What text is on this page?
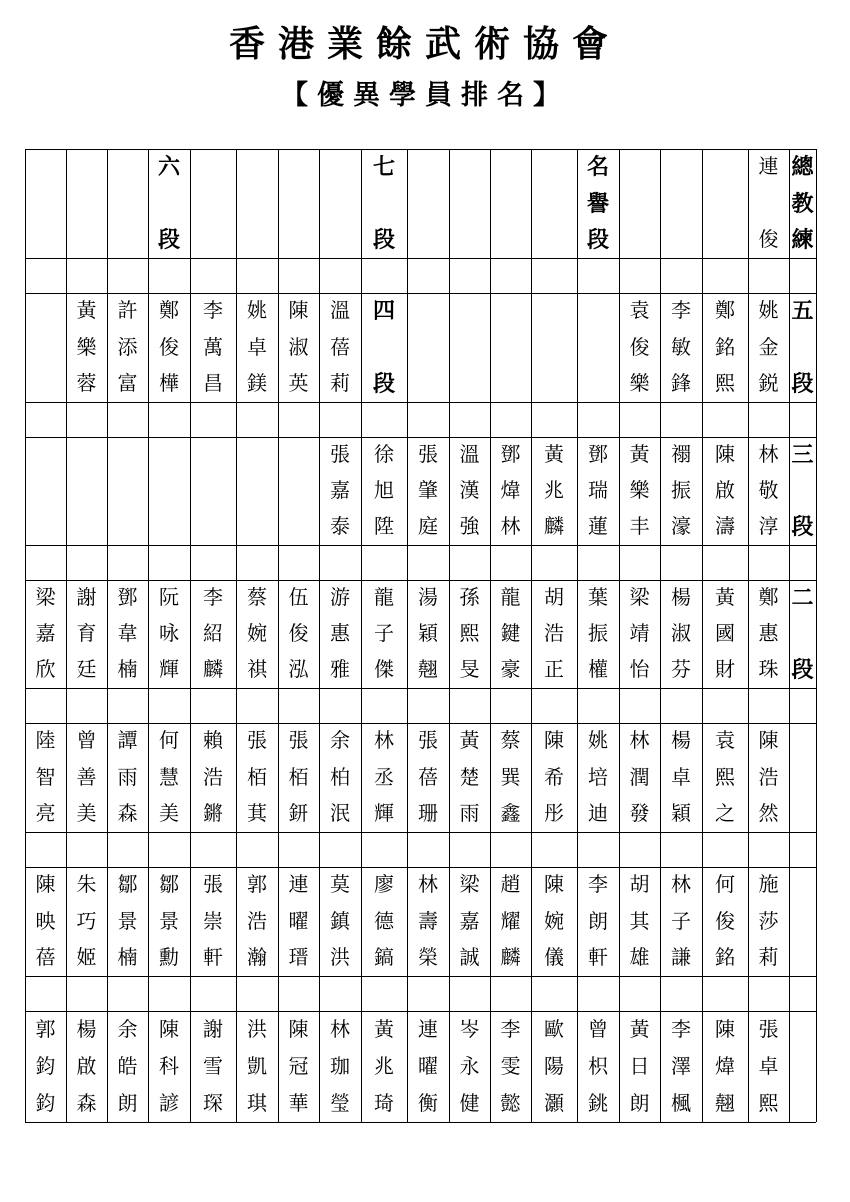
香港業餘武術協會
【優異學員排名】
總
教
練
連
俊
名
譽
段
七
段
六
段
五
段
姚
金
鋭
鄭
銘
熙
李
敏
鋒
袁
俊
樂
四
段
溫
蓓
莉
陳
淑
英
姚
卓
鎂
李
萬
昌
鄭
俊
樺
許
添
富
黃
樂
蓉
三
段
林
敬
淳
陳
啟
濤
禤
振
濠
黃
樂
丰
鄧
瑞
蓮
黃
兆
麟
鄧
煒
林
溫
漢
強
張
肇
庭
徐
旭
陞
張
嘉
泰
二
段
鄭
惠
珠
黃
國
財
楊
淑
芬
梁
靖
怡
葉
振
權
胡
浩
正
龍
鍵
豪
孫
熙
旻
湯
穎
翹
龍
子
傑
游
惠
雅
伍
俊
泓
蔡
婉
祺
李
紹
麟
阮
咏
輝
鄧
韋
楠
謝
育
廷
梁
嘉
欣
陳
浩
然
袁
熙
之
楊
卓
穎
林
潤
發
姚
培
迪
陳
希
彤
蔡
巽
鑫
黃
楚
雨
張
蓓
珊
林
丞
輝
余
柏
泯
張
栢
鈃
張
栢
萁
賴
浩
鏘
何
慧
美
譚
雨
森
曾
善
美
陸
智
亮
施
莎
莉
何
俊
銘
林
子
謙
胡
其
雄
李
朗
軒
陳
婉
儀
趙
耀
麟
梁
嘉
誠
林
壽
榮
廖
德
鎬
莫
鎮
洪
連
曜
瑨
郭
浩
瀚
張
崇
軒
鄒
景
勳
鄒
景
楠
朱
巧
姬
陳
映
蓓
張
卓
熙
陳
煒
翹
李
澤
楓
黃
日
朗
曾
枳
銚
歐
陽
灝
李
雯
懿
岑
永
健
連
曜
衡
黃
兆
琦
林
珈
瑩
陳
冠
華
洪
凱
琪
謝
雪
琛
陳
科
諺
余
皓
朗
楊
啟
森
郭
鈞
鈞
